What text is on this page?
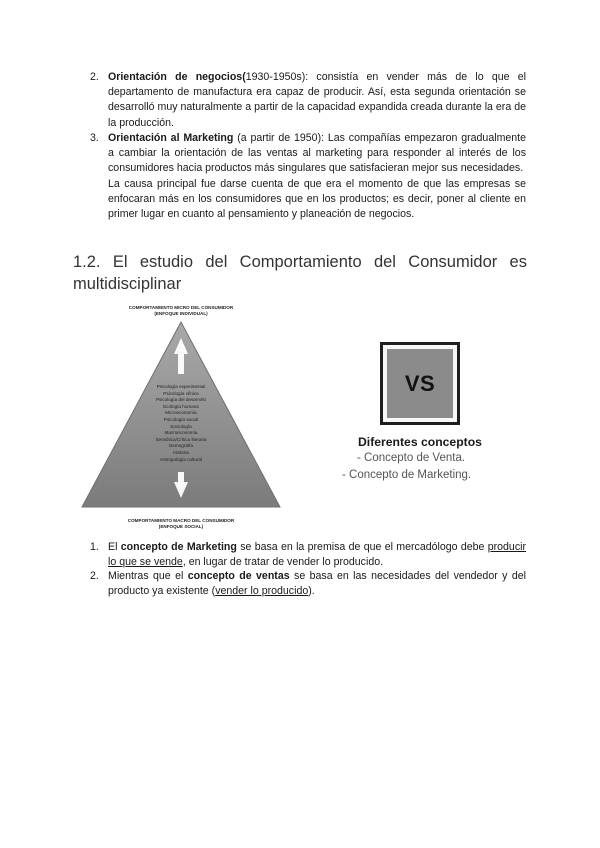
2. Orientación de negocios(1930-1950s): consistía en vender más de lo que el departamento de manufactura era capaz de producir. Así, esta segunda orientación se desarrolló muy naturalmente a partir de la capacidad expandida creada durante la era de la producción.
3. Orientación al Marketing (a partir de 1950): Las compañías empezaron gradualmente a cambiar la orientación de las ventas al marketing para responder al interés de los consumidores hacia productos más singulares que satisfacieran mejor sus necesidades.
La causa principal fue darse cuenta de que era el momento de que las empresas se enfocaran más en los consumidores que en los productos; es decir, poner al cliente en primer lugar en cuanto al pensamiento y planeación de negocios.
1.2. El estudio del Comportamiento del Consumidor es
multidisciplinar
COMPORTAMIENTO MICRO DEL CONSUMIDOR
(ENFOQUE INDIVIDUAL)
Psicología experimental
Psicología clínica
Psicología del desarrollo
Ecología humana
Microeconomía
Psicología social
Sociología
Macroeconomía
Semiótica/Crítica literaria
Demografía
Historia
Antropología cultural
COMPORTAMIENTO MACRO DEL CONSUMIDOR
(ENFOQUE SOCIAL)
VS
Diferentes conceptos
- Concepto de Venta.
- Concepto de Marketing.
1. El concepto de Marketing se basa en la premisa de que el mercadólogo debe producir lo que se vende, en lugar de tratar de vender lo producido.
2. Mientras que el concepto de ventas se basa en las necesidades del vendedor y del producto ya existente (vender lo producido).
